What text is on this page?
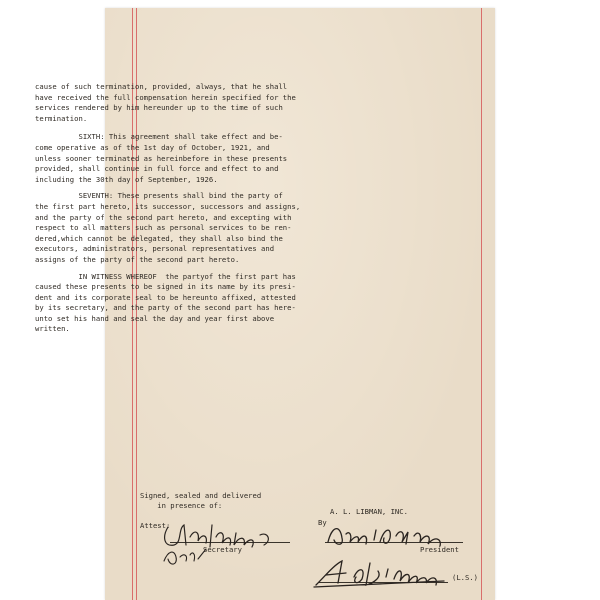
cause of such termination, provided, always, that he shall
have received the full compensation herein specified for the
services rendered by him hereunder up to the time of such
termination.
SIXTH: This agreement shall take effect and be-
come operative as of the 1st day of October, 1921, and
unless sooner terminated as hereinbefore in these presents
provided, shall continue in full force and effect to and
including the 30th day of September, 1926.
SEVENTH: These presents shall bind the party of
the first part hereto, its successor, successors and assigns,
and the party of the second part hereto, and excepting with
respect to all matters such as personal services to be ren-
dered,which cannot be delegated, they shall also bind the
executors, administrators, personal representatives and
assigns of the party of the second part hereto.
IN WITNESS WHEREOF  the partyof the first part has
caused these presents to be signed in its name by its presi-
dent and its corporate seal to be hereunto affixed, attested
by its secretary, and the party of the second part has here-
unto set his hand and seal the day and year first above
written.
Signed, sealed and delivered
in presence of:
A. L. LIBMAN, INC.
By
Attest:
Secretary	President
(L.S.)
